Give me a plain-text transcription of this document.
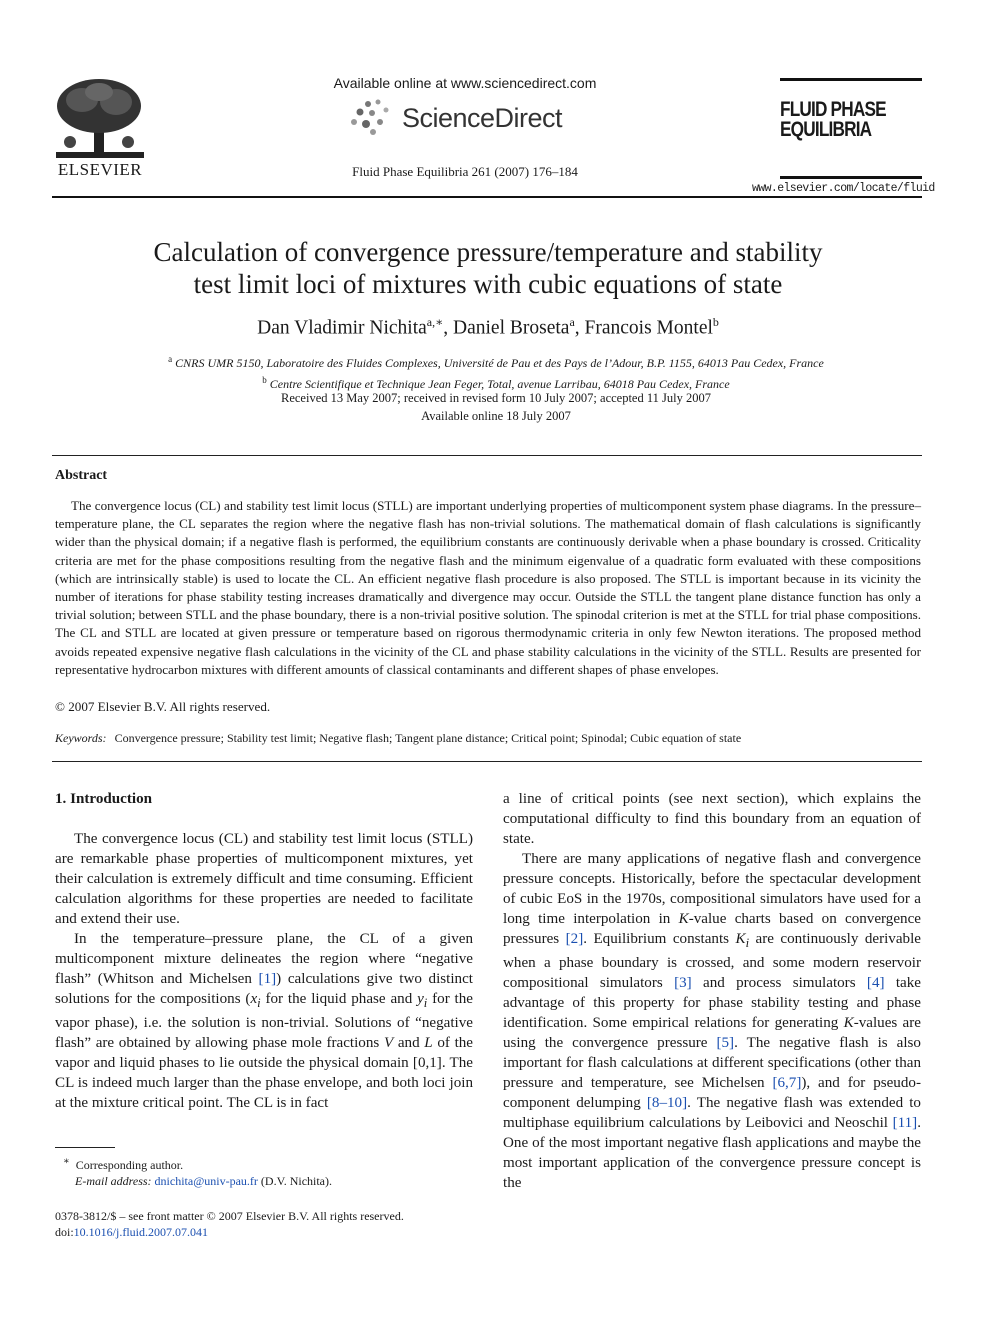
ELSEVIER
Available online at www.sciencedirect.com
ScienceDirect
Fluid Phase Equilibria 261 (2007) 176–184
FLUID PHASE
EQUILIBRIA
www.elsevier.com/locate/fluid
Calculation of convergence pressure/temperature and stability
test limit loci of mixtures with cubic equations of state
Dan Vladimir Nichita$^{a,∗}$, Daniel Broseta$^a$, Francois Montel$^b$
$^a$ CNRS UMR 5150, Laboratoire des Fluides Complexes, Université de Pau et des Pays de l’Adour, B.P. 1155, 64013 Pau Cedex, France
$^b$ Centre Scientifique et Technique Jean Feger, Total, avenue Larribau, 64018 Pau Cedex, France
Received 13 May 2007; received in revised form 10 July 2007; accepted 11 July 2007
Available online 18 July 2007
Abstract
The convergence locus (CL) and stability test limit locus (STLL) are important underlying properties of multicomponent system phase diagrams. In the pressure–temperature plane, the CL separates the region where the negative flash has non-trivial solutions. The mathematical domain of flash calculations is significantly wider than the physical domain; if a negative flash is performed, the equilibrium constants are continuously derivable when a phase boundary is crossed. Criticality criteria are met for the phase compositions resulting from the negative flash and the minimum eigenvalue of a quadratic form evaluated with these compositions (which are intrinsically stable) is used to locate the CL. An efficient negative flash procedure is also proposed. The STLL is important because in its vicinity the number of iterations for phase stability testing increases dramatically and divergence may occur. Outside the STLL the tangent plane distance function has only a trivial solution; between STLL and the phase boundary, there is a non-trivial positive solution. The spinodal criterion is met at the STLL for trial phase compositions. The CL and STLL are located at given pressure or temperature based on rigorous thermodynamic criteria in only few Newton iterations. The proposed method avoids repeated expensive negative flash calculations in the vicinity of the CL and phase stability calculations in the vicinity of the STLL. Results are presented for representative hydrocarbon mixtures with different amounts of classical contaminants and different shapes of phase envelopes.
© 2007 Elsevier B.V. All rights reserved.
Keywords: Convergence pressure; Stability test limit; Negative flash; Tangent plane distance; Critical point; Spinodal; Cubic equation of state
1. Introduction

The convergence locus (CL) and stability test limit locus (STLL) are remarkable phase properties of multicomponent mixtures, yet their calculation is extremely difficult and time consuming. Efficient calculation algorithms for these properties are needed to facilitate and extend their use.

In the temperature–pressure plane, the CL of a given multicomponent mixture delineates the region where “negative flash” (Whitson and Michelsen [1]) calculations give two distinct solutions for the compositions ($x_i$ for the liquid phase and $y_i$ for the vapor phase), i.e. the solution is non-trivial. Solutions of “negative flash” are obtained by allowing phase mole fractions V and L of the vapor and liquid phases to lie outside the physical domain [0,1]. The CL is indeed much larger than the phase envelope, and both loci join at the mixture critical point. The CL is in fact

a line of critical points (see next section), which explains the computational difficulty to find this boundary from an equation of state.

There are many applications of negative flash and convergence pressure concepts. Historically, before the spectacular development of cubic EoS in the 1970s, compositional simulators have used for a long time interpolation in K-value charts based on convergence pressures [2]. Equilibrium constants $K_i$ are continuously derivable when a phase boundary is crossed, and some modern reservoir compositional simulators [3] and process simulators [4] take advantage of this property for phase stability testing and phase identification. Some empirical relations for generating K-values are using the convergence pressure [5]. The negative flash is also important for flash calculations at different specifications (other than pressure and temperature, see Michelsen [6,7]), and for pseudo-component delumping [8–10]. The negative flash was extended to multiphase equilibrium calculations by Leibovici and Neoschil [11]. One of the most important negative flash applications and maybe the most important application of the convergence pressure concept is the

∗ Corresponding author.
E-mail address: dnichita@univ-pau.fr (D.V. Nichita).
0378-3812/$ – see front matter © 2007 Elsevier B.V. All rights reserved.
doi:10.1016/j.fluid.2007.07.041
